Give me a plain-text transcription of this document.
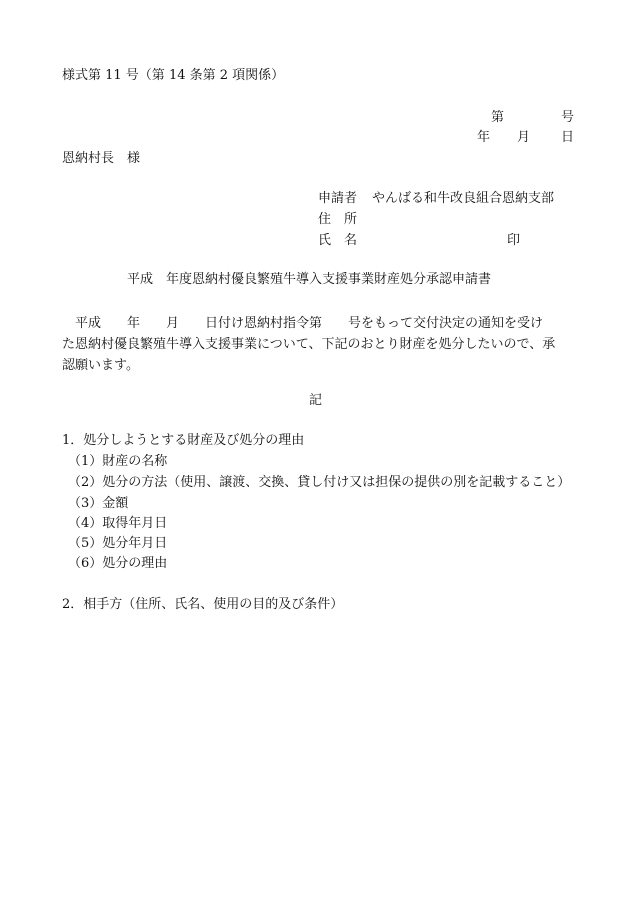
様式第 11 号（第 14 条第 2 項関係）
第	号
年 月 日
恩納村長　様
申請者 やんばる和牛改良組合恩納支部
住　所
氏　名	印
平成　年度恩納村優良繁殖牛導入支援事業財産処分承認申請書
　平成　　年　　月　　日付け恩納村指令第　　号をもって交付決定の通知を受け
た恩納村優良繁殖牛導入支援事業について、下記のおとり財産を処分したいので、承
認願います。
記
1．処分しようとする財産及び処分の理由
（1）財産の名称
（2）処分の方法（使用、譲渡、交換、貸し付け又は担保の提供の別を記載すること）
（3）金額
（4）取得年月日
（5）処分年月日
（6）処分の理由
2．相手方（住所、氏名、使用の目的及び条件）
